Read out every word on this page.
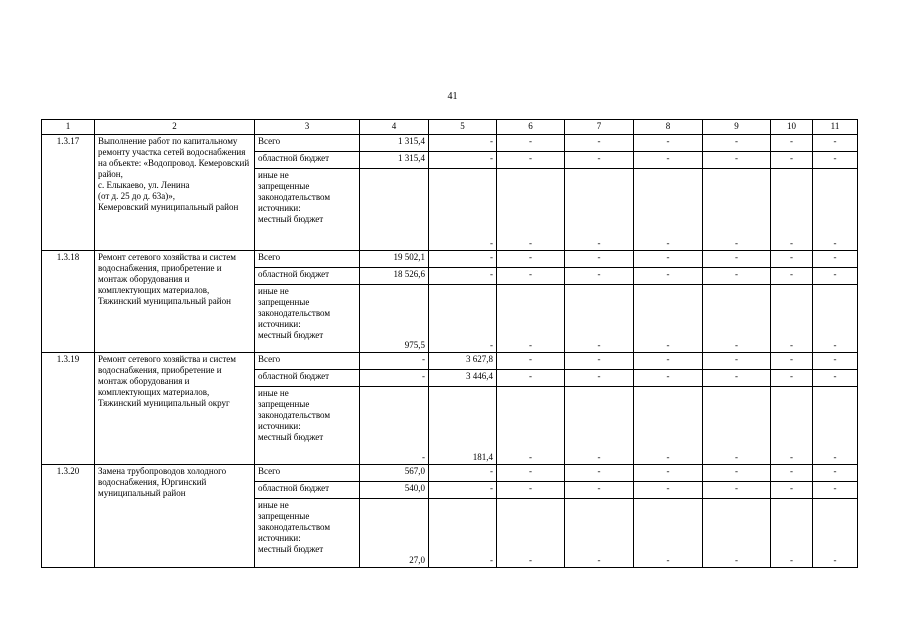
41
1	2	3	4	5	6	7	8	9	10	11
1.3.17	Выполнение работ по капитальному ремонту участка сетей водоснабжения на объекте: «Водопровод. Кемеровский район,
с. Елыкаево, ул. Ленина
(от д. 25 до д. 63а)»,
Кемеровский муниципальный район	Всего	1 315,4	-	-	-	-	-	-	-
		областной бюджет	1 315,4	-	-	-	-	-	-	-
		иные не
запрещенные
законодательством
источники:
местный бюджет		-	-	-	-	-	-	-
1.3.18	Ремонт сетевого хозяйства и систем водоснабжения, приобретение и монтаж оборудования и комплектующих материалов, Тяжинский муниципальный район	Всего	19 502,1	-	-	-	-	-	-	-
		областной бюджет	18 526,6	-	-	-	-	-	-	-
		иные не
запрещенные
законодательством
источники:
местный бюджет	975,5	-	-	-	-	-	-	-
1.3.19	Ремонт сетевого хозяйства и систем водоснабжения, приобретение и монтаж оборудования и комплектующих материалов, Тяжинский муниципальный округ	Всего	-	3 627,8	-	-	-	-	-	-
		областной бюджет	-	3 446,4	-	-	-	-	-	-
		иные не
запрещенные
законодательством
источники:
местный бюджет	-	181,4	-	-	-	-	-	-
1.3.20	Замена трубопроводов холодного водоснабжения, Юргинский муниципальный район	Всего	567,0	-	-	-	-	-	-	-
		областной бюджет	540,0	-	-	-	-	-	-	-
		иные не
запрещенные
законодательством
источники:
местный бюджет	27,0	-	-	-	-	-	-	-
